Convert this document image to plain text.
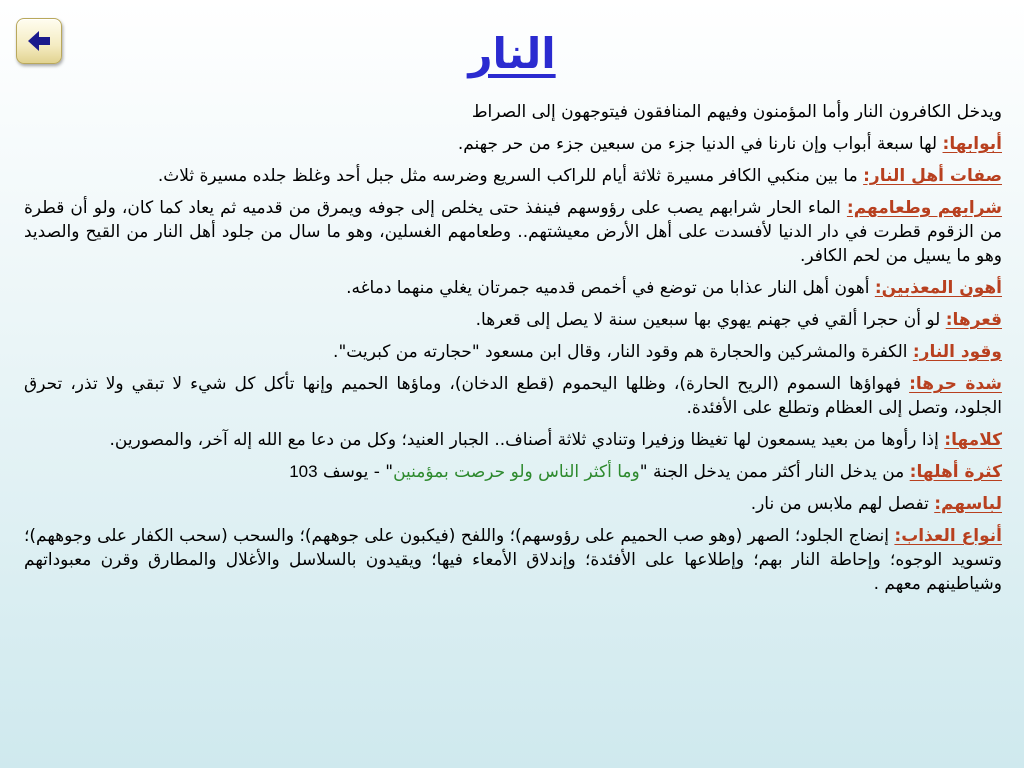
النار

ويدخل الكافرون النار وأما المؤمنون وفيهم المنافقون فيتوجهون إلى الصراط

أبوابها: لها سبعة أبواب وإن نارنا في الدنيا جزء من سبعين جزء من حر جهنم.

صفات أهل النار: ما بين منكبي الكافر مسيرة ثلاثة أيام للراكب السريع وضرسه مثل جبل أحد وغلظ جلده مسيرة ثلاث.

شرابهم وطعامهم: الماء الحار شرابهم يصب على رؤوسهم فينفذ حتى يخلص إلى جوفه ويمرق من قدميه ثم يعاد كما كان، ولو أن قطرة من الزقوم قطرت في دار الدنيا لأفسدت على أهل الأرض معيشتهم.. وطعامهم الغسلين، وهو ما سال من جلود أهل النار من القيح والصديد وهو ما يسيل من لحم الكافر.

أهون المعذبين: أهون أهل النار عذابا من توضع في أخمص قدميه جمرتان يغلي منهما دماغه.

قعرها: لو أن حجرا ألقي في جهنم يهوي بها سبعين سنة لا يصل إلى قعرها.

وقود النار: الكفرة والمشركين والحجارة هم وقود النار، وقال ابن مسعود "حجارته من كبريت".

شدة حرها: فهواؤها السموم (الريح الحارة)، وظلها اليحموم (قطع الدخان)، وماؤها الحميم وإنها تأكل كل شيء لا تبقي ولا تذر، تحرق الجلود، وتصل إلى العظام وتطلع على الأفئدة.

كلامها: إذا رأوها من بعيد يسمعون لها تغيظا وزفيرا وتنادي ثلاثة أصناف.. الجبار العنيد؛ وكل من دعا مع الله إله آخر، والمصورين.

كثرة أهلها: من يدخل النار أكثر ممن يدخل الجنة "وما أكثر الناس ولو حرصت بمؤمنين" - يوسف 103

لباسهم: تفصل لهم ملابس من نار.

أنواع العذاب: إنضاج الجلود؛ الصهر (وهو صب الحميم على رؤوسهم)؛ واللفح (فيكبون على جوههم)؛ والسحب (سحب الكفار على وجوههم)؛ وتسويد الوجوه؛ وإحاطة النار بهم؛ وإطلاعها على الأفئدة؛ وإندلاق الأمعاء فيها؛ ويقيدون بالسلاسل والأغلال والمطارق وقرن معبوداتهم وشياطينهم معهم .
